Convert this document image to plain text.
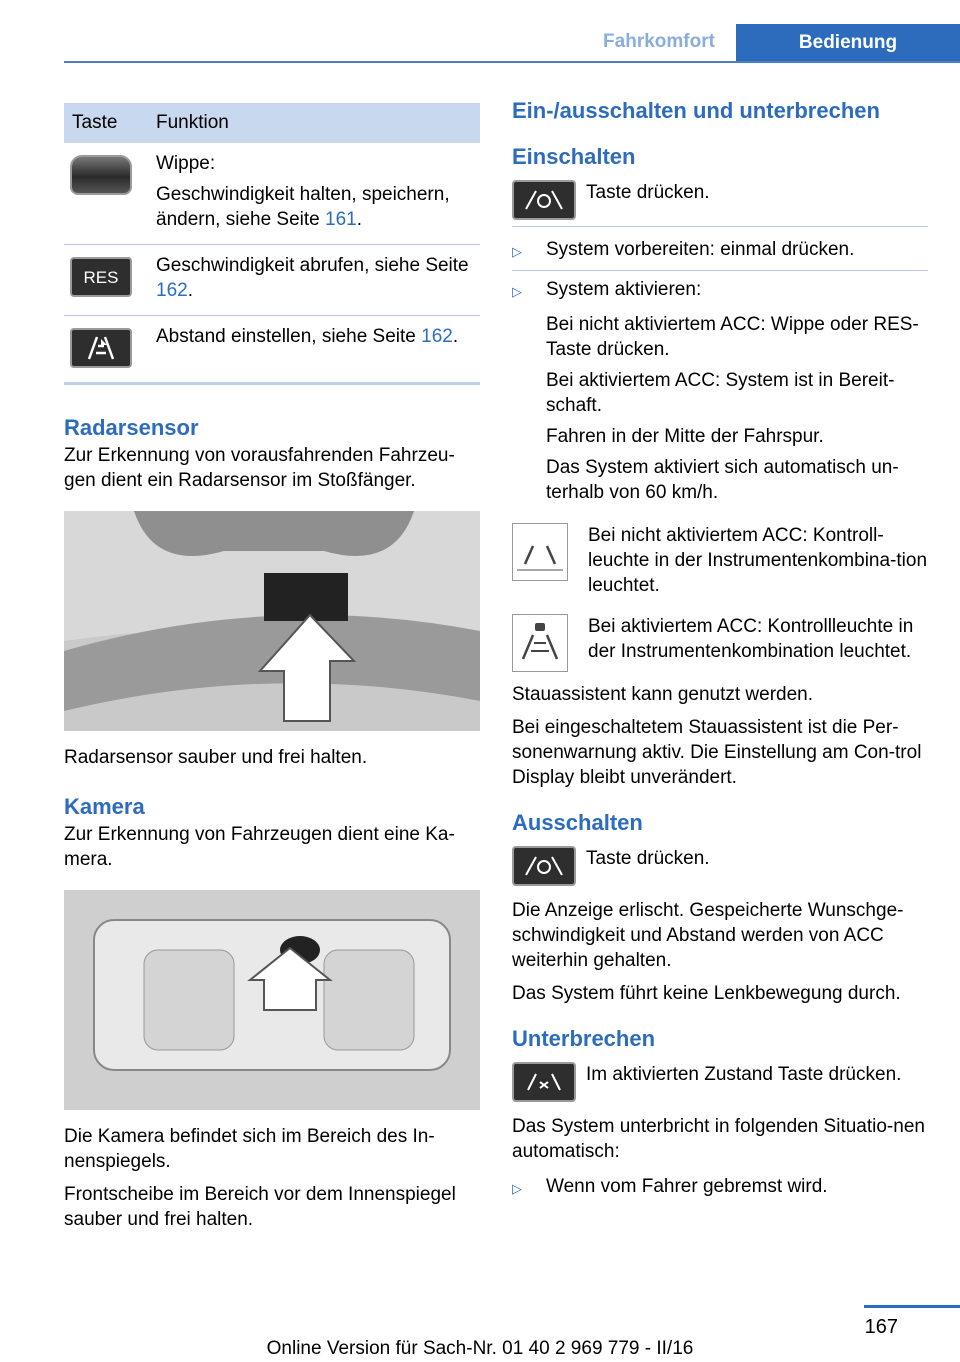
Fahrkomfort	Bedienung
Taste	Funktion

	Wippe:
Geschwindigkeit halten, speichern, ändern, siehe Seite 161.

RES	Geschwindigkeit abrufen, siehe Seite 162.

	Abstand einstellen, siehe Seite 162.
Radarsensor

Zur Erkennung von vorausfahrenden Fahrzeu-gen dient ein Radarsensor im Stoßfänger.

Radarsensor sauber und frei halten.

Kamera

Zur Erkennung von Fahrzeugen dient eine Ka-mera.

Die Kamera befindet sich im Bereich des In-nenspiegels.

Frontscheibe im Bereich vor dem Innenspiegel sauber und frei halten.

Ein-/ausschalten und unterbrechen
Einschalten

Taste drücken.

▷	System vorbereiten: einmal drücken.
▷	System aktivieren:

Bei nicht aktiviertem ACC: Wippe oder RES-Taste drücken.

Bei aktiviertem ACC: System ist in Bereit-schaft.

Fahren in der Mitte der Fahrspur.

Das System aktiviert sich automatisch un-terhalb von 60 km/h.

Bei nicht aktiviertem ACC: Kontroll-leuchte in der Instrumentenkombina-tion leuchtet.

Bei aktiviertem ACC: Kontrollleuchte in der Instrumentenkombination leuchtet.

Stauassistent kann genutzt werden.

Bei eingeschaltetem Stauassistent ist die Per-sonenwarnung aktiv. Die Einstellung am Con-trol Display bleibt unverändert.

Ausschalten

Taste drücken.

Die Anzeige erlischt. Gespeicherte Wunschge-schwindigkeit und Abstand werden von ACC weiterhin gehalten.

Das System führt keine Lenkbewegung durch.

Unterbrechen

Im aktivierten Zustand Taste drücken.

Das System unterbricht in folgenden Situatio-nen automatisch:

▷	Wenn vom Fahrer gebremst wird.
167
Online Version für Sach-Nr. 01 40 2 969 779 - II/16
